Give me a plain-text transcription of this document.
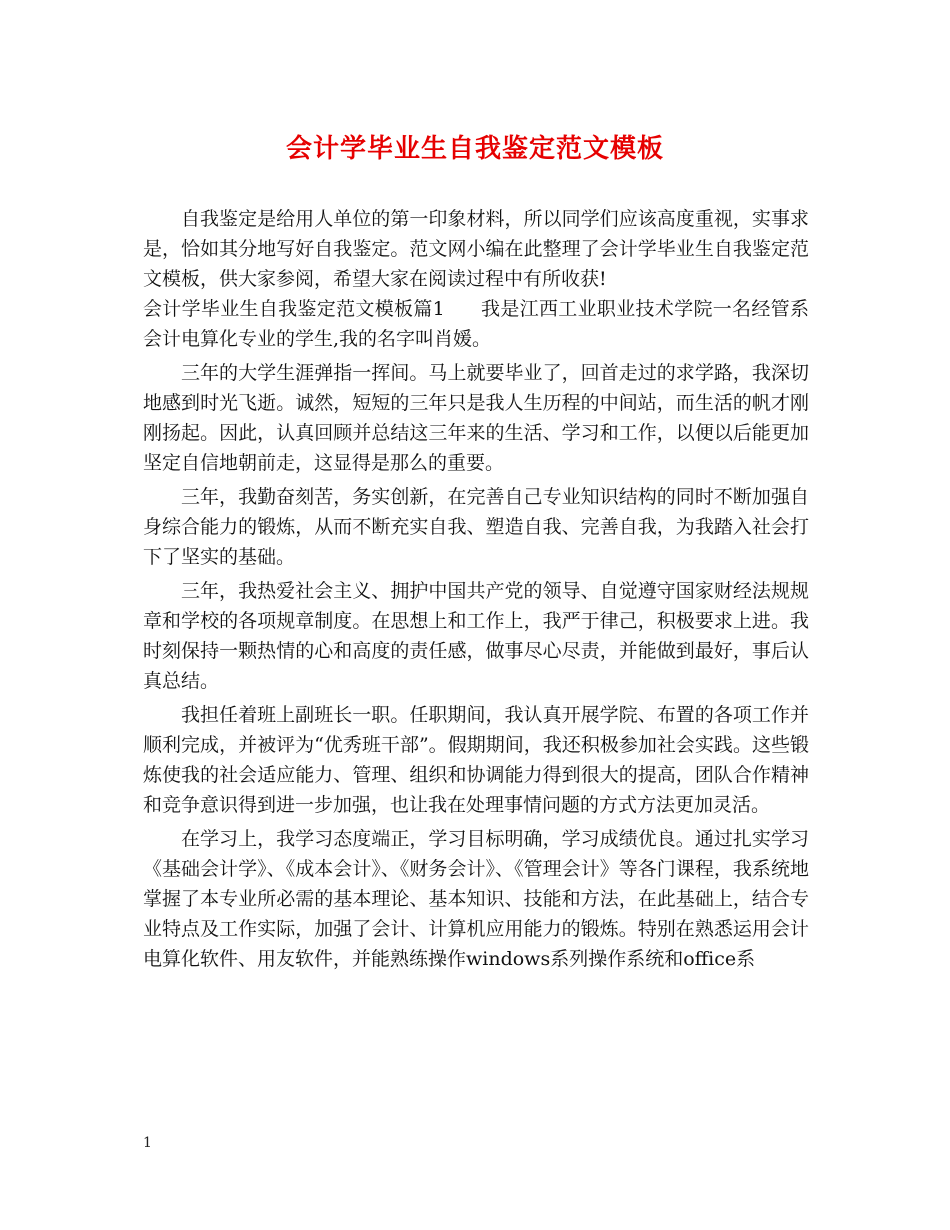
会计学毕业生自我鉴定范文模板

自我鉴定是给用人单位的第一印象材料，所以同学们应该高度重视，实事求是，恰如其分地写好自我鉴定。范文网小编在此整理了会计学毕业生自我鉴定范文模板，供大家参阅，希望大家在阅读过程中有所收获!

会计学毕业生自我鉴定范文模板篇1 我是江西工业职业技术学院一名经管系会计电算化专业的学生,我的名字叫肖媛。

三年的大学生涯弹指一挥间。马上就要毕业了，回首走过的求学路，我深切地感到时光飞逝。诚然，短短的三年只是我人生历程的中间站，而生活的帆才刚刚扬起。因此，认真回顾并总结这三年来的生活、学习和工作，以便以后能更加坚定自信地朝前走，这显得是那么的重要。

三年，我勤奋刻苦，务实创新，在完善自己专业知识结构的同时不断加强自身综合能力的锻炼，从而不断充实自我、塑造自我、完善自我，为我踏入社会打下了坚实的基础。

三年，我热爱社会主义、拥护中国共产党的领导、自觉遵守国家财经法规规章和学校的各项规章制度。在思想上和工作上，我严于律己，积极要求上进。我时刻保持一颗热情的心和高度的责任感，做事尽心尽责，并能做到最好，事后认真总结。

我担任着班上副班长一职。任职期间，我认真开展学院、布置的各项工作并顺利完成，并被评为“优秀班干部”。假期期间，我还积极参加社会实践。这些锻炼使我的社会适应能力、管理、组织和协调能力得到很大的提高，团队合作精神和竞争意识得到进一步加强，也让我在处理事情问题的方式方法更加灵活。

在学习上，我学习态度端正，学习目标明确，学习成绩优良。通过扎实学习《基础会计学》、《成本会计》、《财务会计》、《管理会计》等各门课程，我系统地掌握了本专业所必需的基本理论、基本知识、技能和方法，在此基础上，结合专业特点及工作实际，加强了会计、计算机应用能力的锻炼。特别在熟悉运用会计电算化软件、用友软件，并能熟练操作windows系列操作系统和office系

1
